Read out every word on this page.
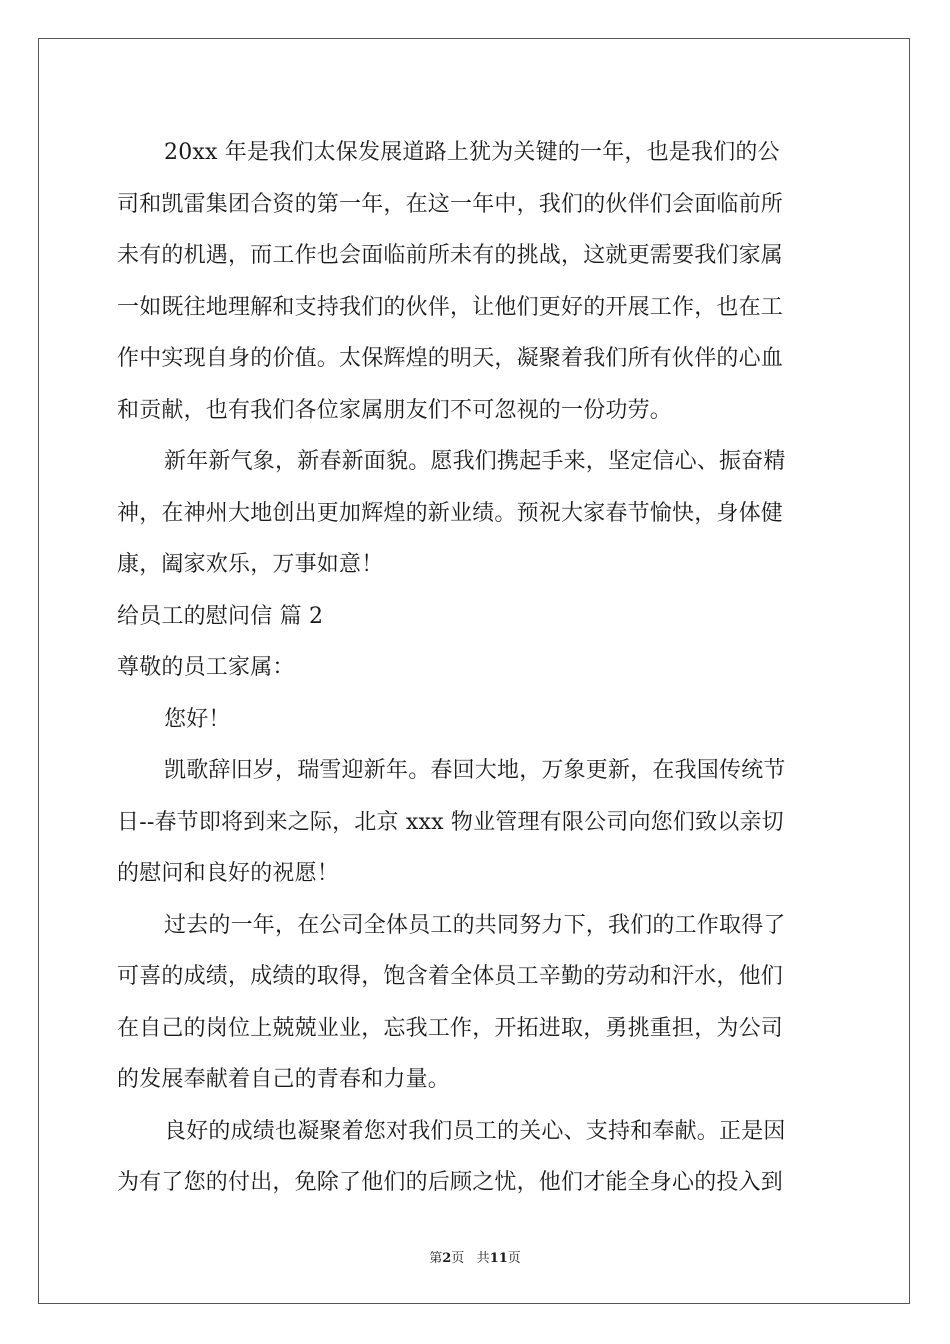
20xx 年是我们太保发展道路上犹为关键的一年，也是我们的公
司和凯雷集团合资的第一年，在这一年中，我们的伙伴们会面临前所
未有的机遇，而工作也会面临前所未有的挑战，这就更需要我们家属
一如既往地理解和支持我们的伙伴，让他们更好的开展工作，也在工
作中实现自身的价值。太保辉煌的明天，凝聚着我们所有伙伴的心血
和贡献，也有我们各位家属朋友们不可忽视的一份功劳。
新年新气象，新春新面貌。愿我们携起手来，坚定信心、振奋精
神，在神州大地创出更加辉煌的新业绩。预祝大家春节愉快，身体健
康，阖家欢乐，万事如意！
给员工的慰问信 篇 2
尊敬的员工家属：
您好！
凯歌辞旧岁，瑞雪迎新年。春回大地，万象更新，在我国传统节
日--春节即将到来之际，北京 xxx 物业管理有限公司向您们致以亲切
的慰问和良好的祝愿！
过去的一年，在公司全体员工的共同努力下，我们的工作取得了
可喜的成绩，成绩的取得，饱含着全体员工辛勤的劳动和汗水，他们
在自己的岗位上兢兢业业，忘我工作，开拓进取，勇挑重担，为公司
的发展奉献着自己的青春和力量。
良好的成绩也凝聚着您对我们员工的关心、支持和奉献。正是因
为有了您的付出，免除了他们的后顾之忧，他们才能全身心的投入到
第2页 共11页
